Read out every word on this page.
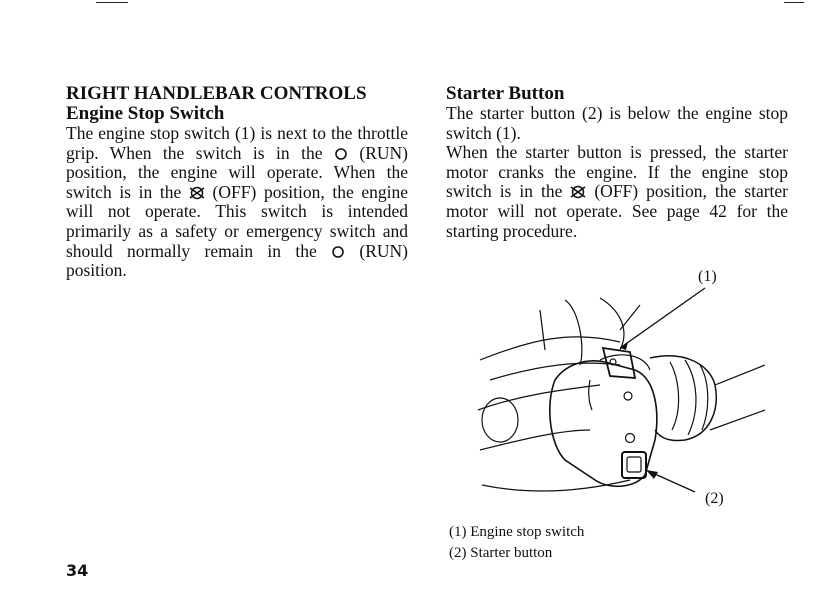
RIGHT HANDLEBAR CONTROLS
Engine Stop Switch

The engine stop switch (1) is next to the throttle grip. When the switch is in the (RUN) position, the engine will operate. When the switch is in the (OFF) position, the engine will not operate. This switch is intended primarily as a safety or emergency switch and should normally remain in the (RUN) position.

Starter Button

The starter button (2) is below the engine stop switch (1).

When the starter button is pressed, the starter motor cranks the engine. If the engine stop switch is in the (OFF) position, the starter motor will not operate. See page 42 for the starting procedure.

(1)
(2)
(1) Engine stop switch
(2) Starter button
34
